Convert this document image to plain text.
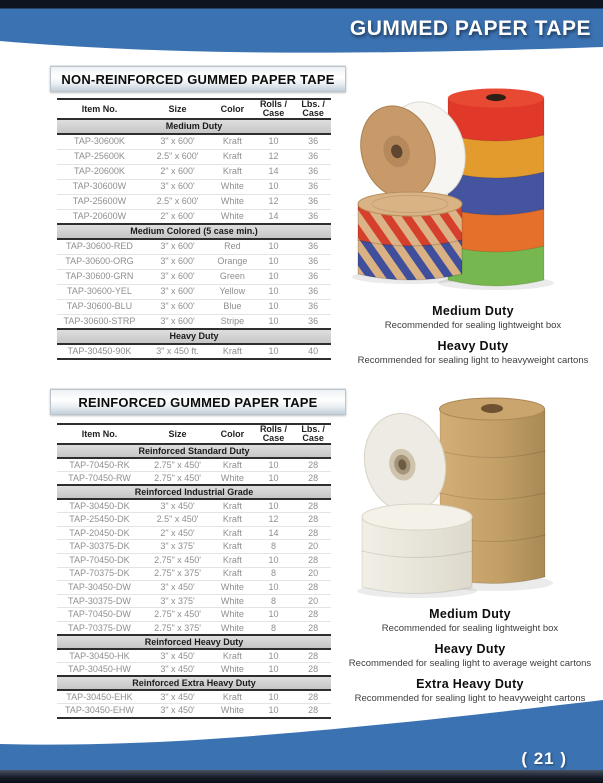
GUMMED PAPER TAPE
NON-REINFORCED GUMMED PAPER TAPE
Item No.	Size	Color	Rolls / Case	Lbs. / Case
Medium Duty				
TAP-30600K	3" x 600'	Kraft	10	36
TAP-25600K	2.5" x 600'	Kraft	12	36
TAP-20600K	2" x 600'	Kraft	14	36
TAP-30600W	3" x 600'	White	10	36
TAP-25600W	2.5" x 600'	White	12	36
TAP-20600W	2" x 600'	White	14	36
Medium Colored (5 case min.)				
TAP-30600-RED	3" x 600'	Red	10	36
TAP-30600-ORG	3" x 600'	Orange	10	36
TAP-30600-GRN	3" x 600'	Green	10	36
TAP-30600-YEL	3" x 600'	Yellow	10	36
TAP-30600-BLU	3" x 600'	Blue	10	36
TAP-30600-STRP	3" x 600'	Stripe	10	36
Heavy Duty				
TAP-30450-90K	3" x 450 ft.	Kraft	10	40
Medium Duty
Recommended for sealing lightweight box
Heavy Duty
Recommended for sealing light to heavyweight cartons
REINFORCED GUMMED PAPER TAPE
Item No.	Size	Color	Rolls / Case	Lbs. / Case
Reinforced Standard Duty				
TAP-70450-RK	2.75" x 450'	Kraft	10	28
TAP-70450-RW	2.75" x 450'	White	10	28
Reinforced Industrial Grade				
TAP-30450-DK	3" x 450'	Kraft	10	28
TAP-25450-DK	2.5" x 450'	Kraft	12	28
TAP-20450-DK	2" x 450'	Kraft	14	28
TAP-30375-DK	3" x 375'	Kraft	8	20
TAP-70450-DK	2.75" x 450'	Kraft	10	28
TAP-70375-DK	2.75" x 375'	Kraft	8	20
TAP-30450-DW	3" x 450'	White	10	28
TAP-30375-DW	3" x 375'	White	8	20
TAP-70450-DW	2.75" x 450'	White	10	28
TAP-70375-DW	2.75" x 375'	White	8	28
Reinforced Heavy Duty				
TAP-30450-HK	3" x 450'	Kraft	10	28
TAP-30450-HW	3" x 450'	White	10	28
Reinforced Extra Heavy Duty				
TAP-30450-EHK	3" x 450'	Kraft	10	28
TAP-30450-EHW	3" x 450'	White	10	28
Medium Duty
Recommended for sealing lightweight box
Heavy Duty
Recommended for sealing light to average weight cartons
Extra Heavy Duty
Recommended for sealing light to heavyweight cartons
( 21 )
